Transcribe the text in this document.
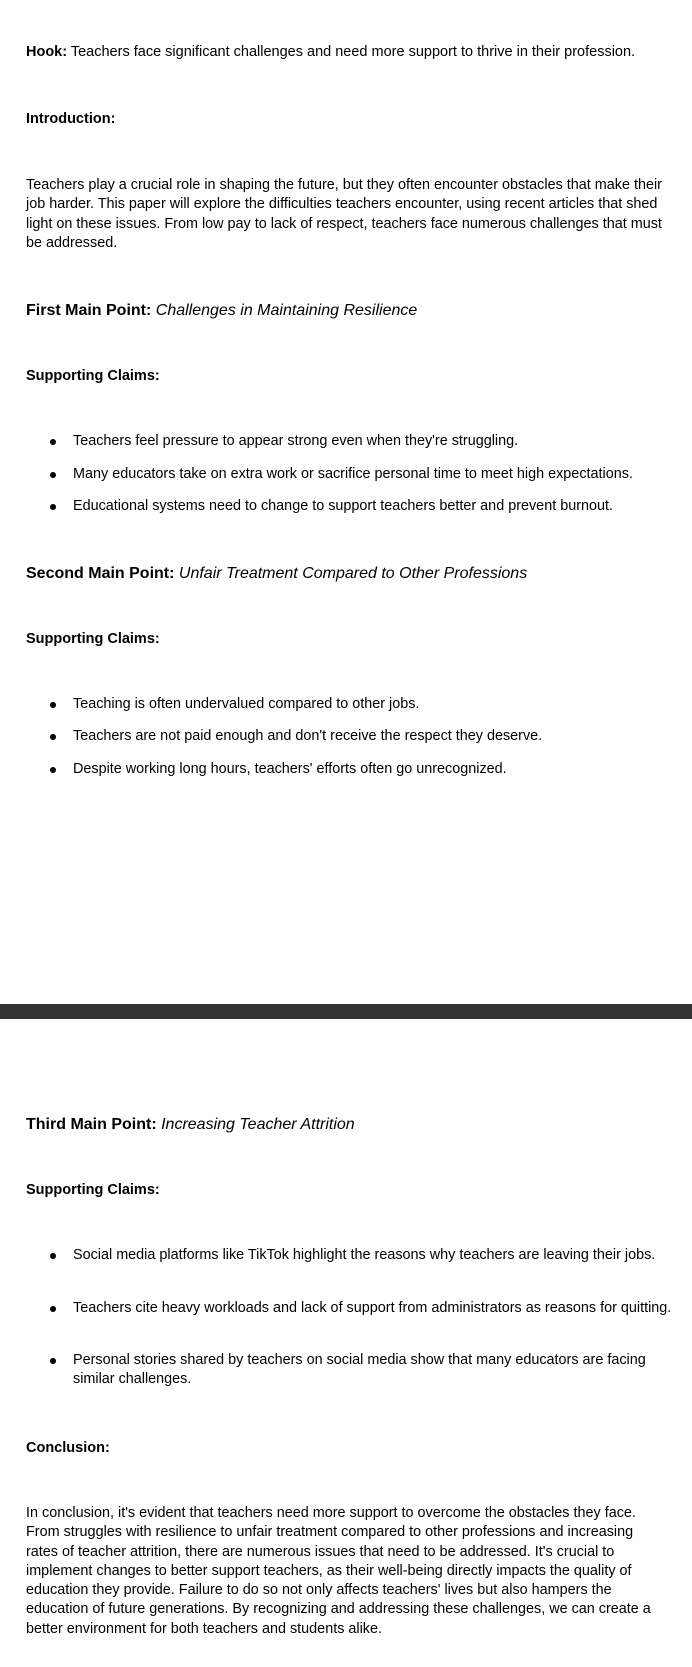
Hook: Teachers face significant challenges and need more support to thrive in their profession.

Introduction:

Teachers play a crucial role in shaping the future, but they often encounter obstacles that make their job harder. This paper will explore the difficulties teachers encounter, using recent articles that shed light on these issues. From low pay to lack of respect, teachers face numerous challenges that must be addressed.

First Main Point: Challenges in Maintaining Resilience

Supporting Claims:

Teachers feel pressure to appear strong even when they're struggling.
Many educators take on extra work or sacrifice personal time to meet high expectations.
Educational systems need to change to support teachers better and prevent burnout.

Second Main Point: Unfair Treatment Compared to Other Professions

Supporting Claims:

Teaching is often undervalued compared to other jobs.
Teachers are not paid enough and don't receive the respect they deserve.
Despite working long hours, teachers' efforts often go unrecognized.

Third Main Point: Increasing Teacher Attrition

Supporting Claims:

Social media platforms like TikTok highlight the reasons why teachers are leaving their jobs.
Teachers cite heavy workloads and lack of support from administrators as reasons for quitting.
Personal stories shared by teachers on social media show that many educators are facing similar challenges.

Conclusion:

In conclusion, it's evident that teachers need more support to overcome the obstacles they face. From struggles with resilience to unfair treatment compared to other professions and increasing rates of teacher attrition, there are numerous issues that need to be addressed. It's crucial to implement changes to better support teachers, as their well-being directly impacts the quality of education they provide. Failure to do so not only affects teachers' lives but also hampers the education of future generations. By recognizing and addressing these challenges, we can create a better environment for both teachers and students alike.
